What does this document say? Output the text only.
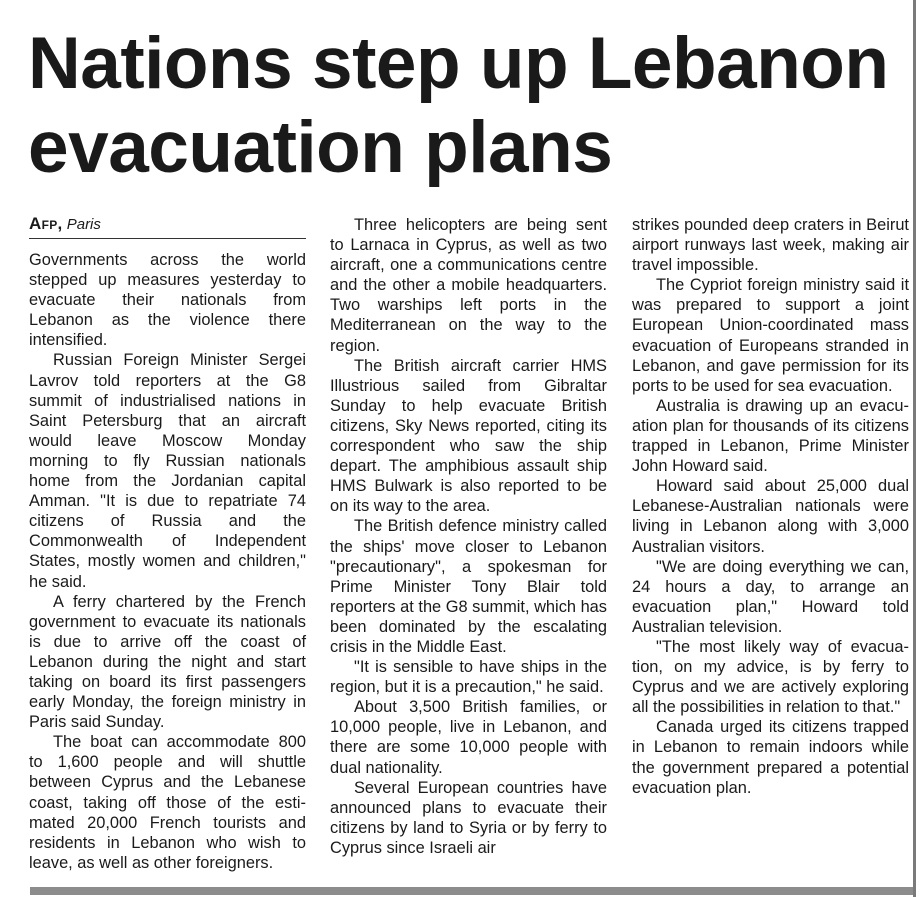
Nations step up Lebanon evacuation plans
Afp, Paris

Governments across the world stepped up measures yesterday to evacuate their nationals from Lebanon as the violence there intensified.

Russian Foreign Minister Sergei Lavrov told reporters at the G8 summit of industrialised nations in Saint Petersburg that an aircraft would leave Moscow Monday morning to fly Russian nationals home from the Jordanian capital Amman. "It is due to repatriate 74 citizens of Russia and the Commonwealth of Independent States, mostly women and children," he said.

A ferry chartered by the French government to evacuate its nationals is due to arrive off the coast of Lebanon during the night and start taking on board its first passengers early Monday, the foreign ministry in Paris said Sunday.

The boat can accommodate 800 to 1,600 people and will shuttle between Cyprus and the Lebanese coast, taking off those of the estimated 20,000 French tourists and residents in Lebanon who wish to leave, as well as other foreigners.

Three helicopters are being sent to Larnaca in Cyprus, as well as two aircraft, one a communications centre and the other a mobile headquarters. Two warships left ports in the Mediterranean on the way to the region.

The British aircraft carrier HMS Illustrious sailed from Gibraltar Sunday to help evacuate British citizens, Sky News reported, citing its correspondent who saw the ship depart. The amphibious assault ship HMS Bulwark is also reported to be on its way to the area.

The British defence ministry called the ships' move closer to Lebanon "precautionary", a spokesman for Prime Minister Tony Blair told reporters at the G8 summit, which has been dominated by the escalating crisis in the Middle East.

"It is sensible to have ships in the region, but it is a precaution," he said.

About 3,500 British families, or 10,000 people, live in Lebanon, and there are some 10,000 people with dual nationality.

Several European countries have announced plans to evacuate their citizens by land to Syria or by ferry to Cyprus since Israeli air

strikes pounded deep craters in Beirut airport runways last week, making air travel impossible.

The Cypriot foreign ministry said it was prepared to support a joint European Union-coordinated mass evacuation of Europeans stranded in Lebanon, and gave permission for its ports to be used for sea evacuation.

Australia is drawing up an evacuation plan for thousands of its citizens trapped in Lebanon, Prime Minister John Howard said.

Howard said about 25,000 dual Lebanese-Australian nationals were living in Lebanon along with 3,000 Australian visitors.

"We are doing everything we can, 24 hours a day, to arrange an evacuation plan," Howard told Australian television.

"The most likely way of evacuation, on my advice, is by ferry to Cyprus and we are actively exploring all the possibilities in relation to that."

Canada urged its citizens trapped in Lebanon to remain indoors while the government prepared a potential evacuation plan.
